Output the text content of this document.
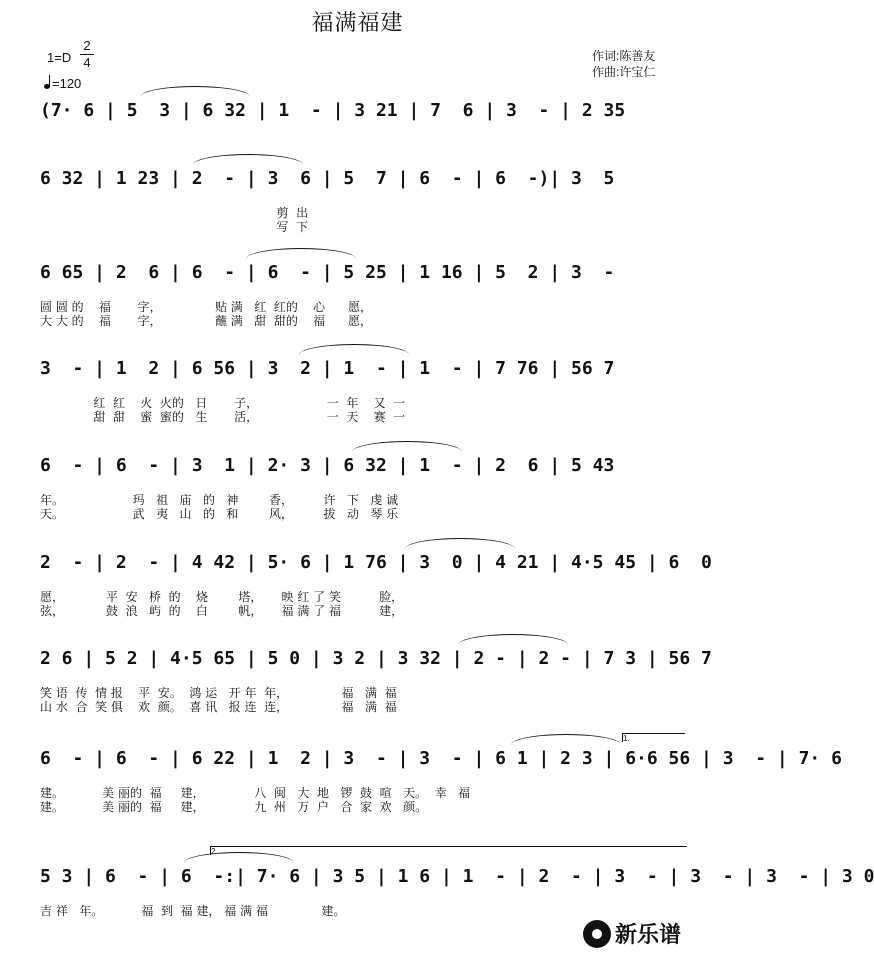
福满福建
1=D
2
4
=120
作词:陈善友
作曲:许宝仁
(7· 6 | 5  3 | 6 32 | 1  - | 3 21 | 7  6 | 3  - | 2 35
6 32 | 1 23 | 2  - | 3  6 | 5  7 | 6  - | 6  -)| 3  5
剪  出
写  下
6 65 | 2  6 | 6  - | 6  - | 5 25 | 1 16 | 5  2 | 3  -
圆 圆 的    福       字，              贴 满   红  红的    心      愿，
大 大 的    福       字，              蘸 满   甜  甜的    福      愿，
3  - | 1  2 | 6 56 | 3  2 | 1  - | 1  - | 7 76 | 56 7
红  红    火  火的   日       子，                  一  年    又  一
甜  甜    蜜  蜜的   生       活，                  一  天    赛  一
6  - | 6  - | 3  1 | 2· 3 | 6 32 | 1  - | 2  6 | 5 43
年。                  玛   祖   庙   的   神        香，        许   下   虔 诚
天。                  武   夷   山   的   和        风，        拔   动   琴 乐
2  - | 2  - | 4 42 | 5· 6 | 1 76 | 3  0 | 4 21 | 4·5 45 | 6  0
愿，           平  安   桥  的    烧        塔，     映 红 了 笑          脸，
弦，           鼓  浪   屿  的    白        帆，     福 满 了 福          建，
2 6 | 5 2 | 4·5 65 | 5 0 | 3 2 | 3 32 | 2 - | 2 - | 7 3 | 56 7
笑 语  传  情 报    平  安。  鸿 运   开 年  年，              福   满  福
山 水  合  笑 俱    欢  颜。  喜 讯   报 连  连，              福   满  福
6  - | 6  - | 6 22 | 1  2 | 3  - | 3  - | 6 1 | 2 3 | 6·6 56 | 3  - | 7· 6
建。          美 丽的  福     建，             八  闽   大  地   锣  鼓  喧   天。  幸   福
建。          美 丽的  福     建，             九  州   万  户   合  家  欢   颜。
5 3 | 6  - | 6  -:| 7· 6 | 3 5 | 1 6 | 1  - | 2  - | 3  - | 3  - | 3  - | 3 0
吉 祥   年。          福  到  福 建， 福 满 福              建。
新乐谱
1.
2
